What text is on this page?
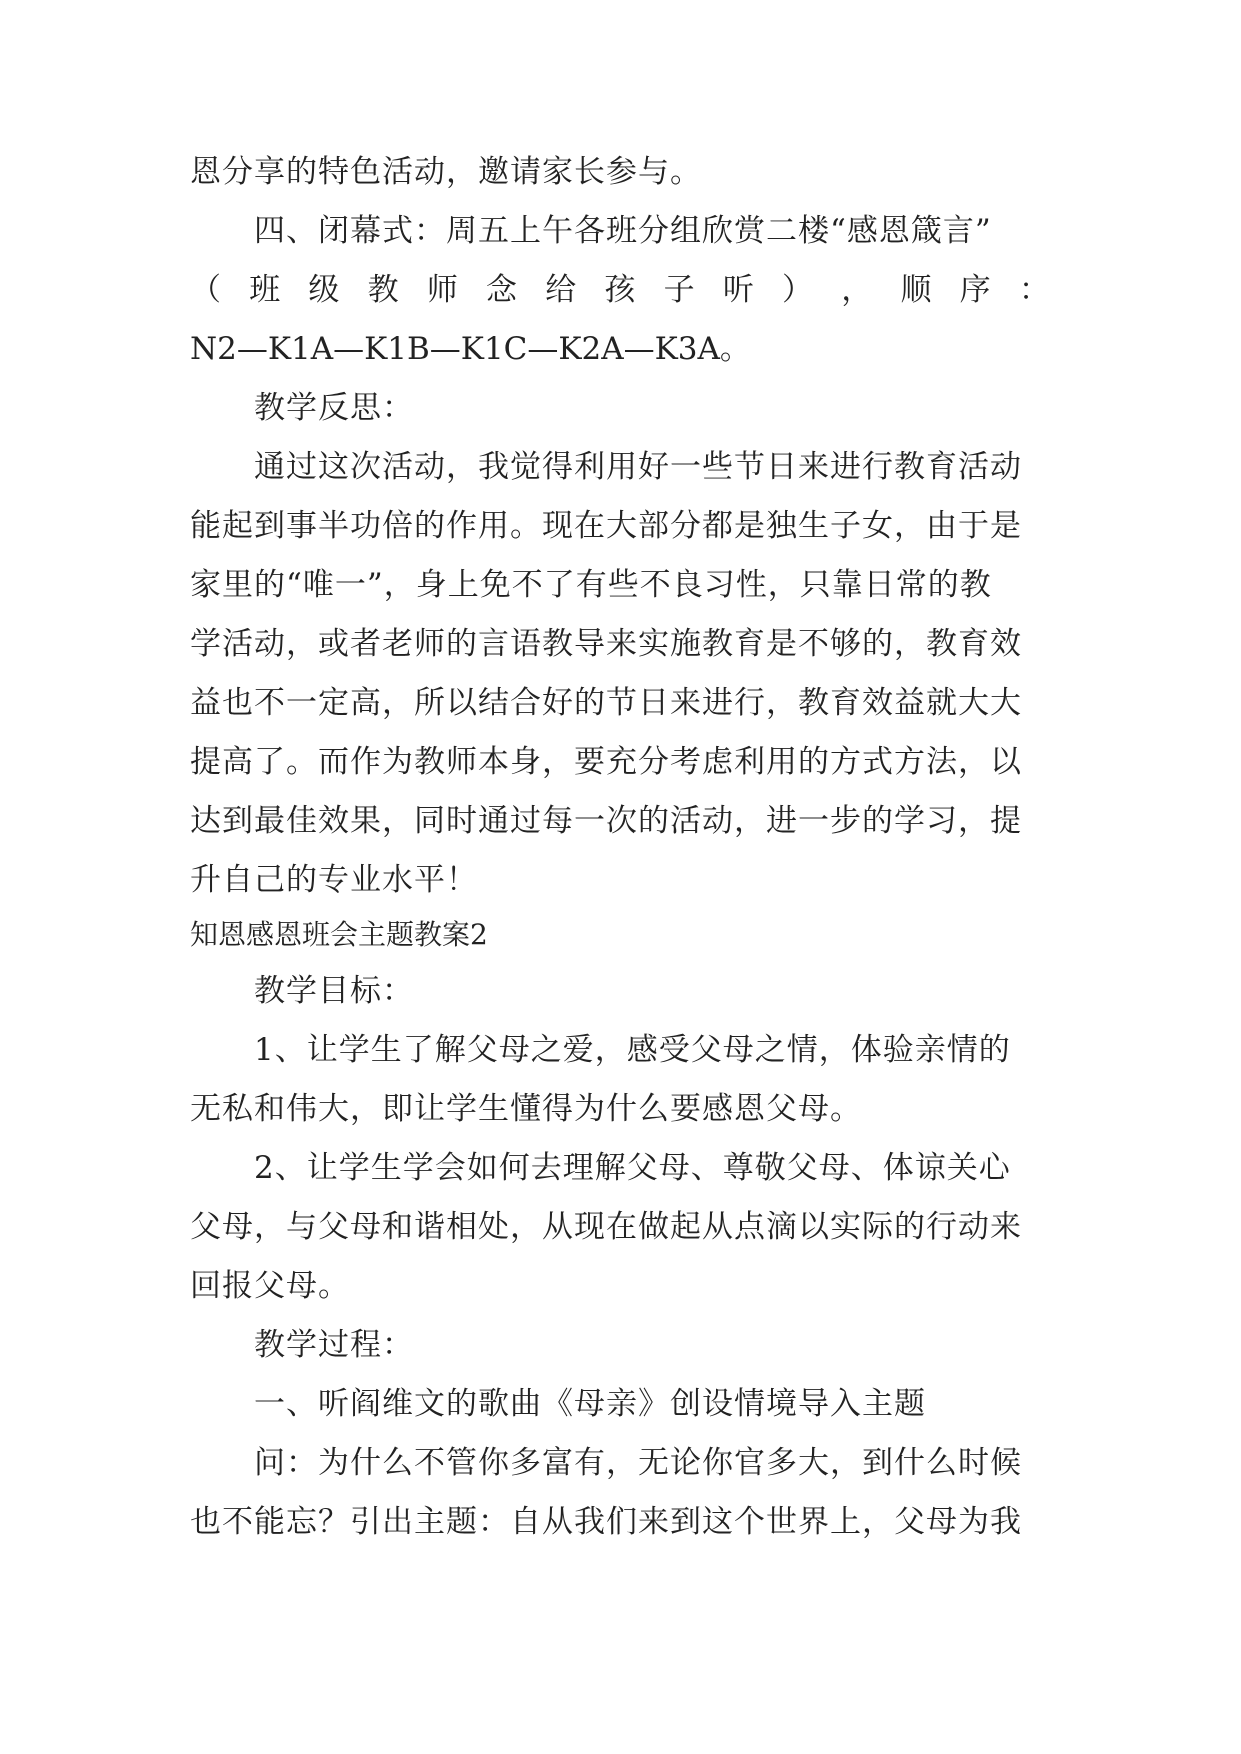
恩分享的特色活动，邀请家长参与。
四、闭幕式：周五上午各班分组欣赏二楼“感恩箴言”
（ 班 级 教 师 念 给 孩 子 听 ） ， 顺 序 ：
N2—K1A—K1B—K1C—K2A—K3A。
教学反思：
通过这次活动，我觉得利用好一些节日来进行教育活动
能起到事半功倍的作用。现在大部分都是独生子女，由于是
家里的“唯一”，身上免不了有些不良习性，只靠日常的教
学活动，或者老师的言语教导来实施教育是不够的，教育效
益也不一定高，所以结合好的节日来进行，教育效益就大大
提高了。而作为教师本身，要充分考虑利用的方式方法，以
达到最佳效果，同时通过每一次的活动，进一步的学习，提
升自己的专业水平！
知恩感恩班会主题教案2
教学目标：
1、让学生了解父母之爱，感受父母之情，体验亲情的
无私和伟大，即让学生懂得为什么要感恩父母。
2、让学生学会如何去理解父母、尊敬父母、体谅关心
父母，与父母和谐相处，从现在做起从点滴以实际的行动来
回报父母。
教学过程：
一、听阎维文的歌曲《母亲》创设情境导入主题
问：为什么不管你多富有，无论你官多大，到什么时候
也不能忘？引出主题：自从我们来到这个世界上，父母为我
